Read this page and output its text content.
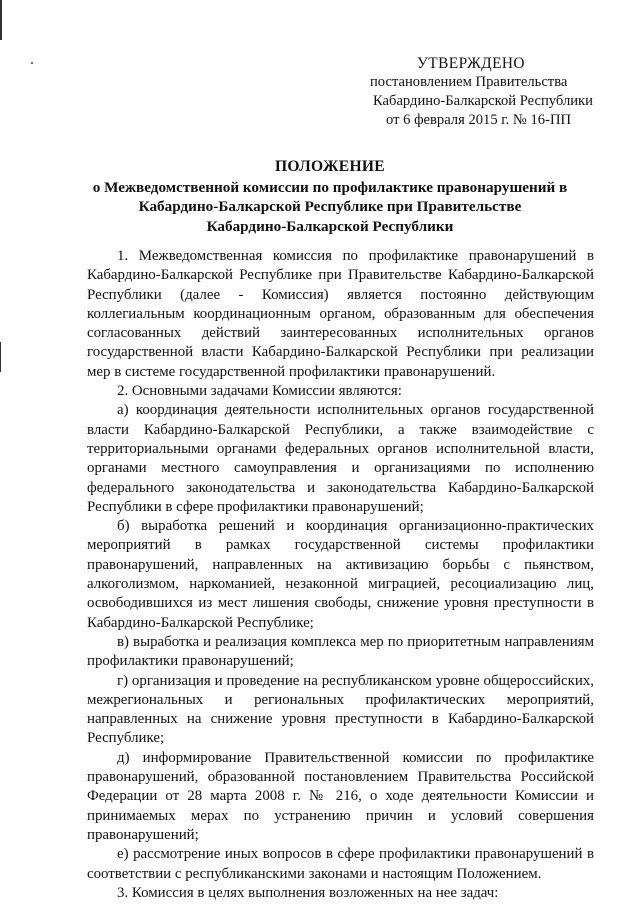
УТВЕРЖДЕНО
постановлением Правительства
Кабардино-Балкарской Республики
от 6 февраля 2015 г. № 16-ПП
ПОЛОЖЕНИЕ
о Межведомственной комиссии по профилактике правонарушений в
Кабардино-Балкарской Республике при Правительстве
Кабардино-Балкарской Республики

1. Межведомственная комиссия по профилактике правонарушений в Кабардино-Балкарской Республике при Правительстве Кабардино-Балкарской Республики (далее - Комиссия) является постоянно действующим коллегиальным координационным органом, образованным для обеспечения согласованных действий заинтересованных исполнительных органов государственной власти Кабардино-Балкарской Республики при реализации мер в системе государственной профилактики правонарушений.

2. Основными задачами Комиссии являются:

а) координация деятельности исполнительных органов государственной власти Кабардино-Балкарской Республики, а также взаимодействие с территориальными органами федеральных органов исполнительной власти, органами местного самоуправления и организациями по исполнению федерального законодательства и законодательства Кабардино-Балкарской Республики в сфере профилактики правонарушений;

б) выработка решений и координация организационно-практических мероприятий в рамках государственной системы профилактики правонарушений, направленных на активизацию борьбы с пьянством, алкоголизмом, наркоманией, незаконной миграцией, ресоциализацию лиц, освободившихся из мест лишения свободы, снижение уровня преступности в Кабардино-Балкарской Республике;

в) выработка и реализация комплекса мер по приоритетным направлениям профилактики правонарушений;

г) организация и проведение на республиканском уровне общероссийских, межрегиональных и региональных профилактических мероприятий, направленных на снижение уровня преступности в Кабардино-Балкарской Республике;

д) информирование Правительственной комиссии по профилактике правонарушений, образованной постановлением Правительства Российской Федерации от 28 марта 2008 г. № 216, о ходе деятельности Комиссии и принимаемых мерах по устранению причин и условий совершения правонарушений;

е) рассмотрение иных вопросов в сфере профилактики правонарушений в соответствии с республиканскими законами и настоящим Положением.

3. Комиссия в целях выполнения возложенных на нее задач:
